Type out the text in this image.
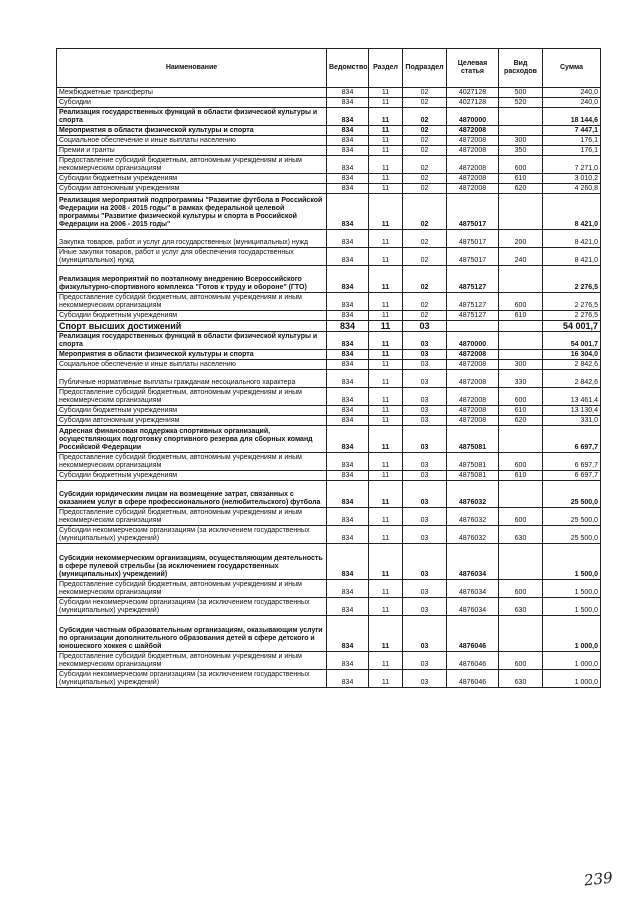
Наименование	Ведомство	Раздел	Подраздел	Целевая статья	Вид расходов	Сумма
Межбюджетные трансферты	834	11	02	4027128	500	240,0
Субсидии	834	11	02	4027128	520	240,0
Реализация государственных функций в области физической культуры и спорта	834	11	02	4870000		18 144,6
Мероприятия в области физической культуры и спорта	834	11	02	4872008		7 447,1
Социальное обеспечение и иные выплаты населению	834	11	02	4872008	300	176,1
Премии и гранты	834	11	02	4872008	350	176,1
Предоставление субсидий бюджетным, автономным учреждениям и иным некоммерческим организациям	834	11	02	4872008	600	7 271,0
Субсидии бюджетным учреждениям	834	11	02	4872008	610	3 010,2
Субсидии автономным учреждениям	834	11	02	4872008	620	4 260,8
Реализация мероприятий подпрограммы "Развитие футбола в Российской Федерации на 2008 - 2015 годы" в рамках федеральной целевой программы "Развитие физической культуры и спорта в Российской Федерации на 2006 - 2015 годы"	834	11	02	4875017		8 421,0
Закупка товаров, работ и услуг для государственных (муниципальных) нужд	834	11	02	4875017	200	8 421,0
Иные закупки товаров, работ и услуг для обеспечения государственных (муниципальных) нужд	834	11	02	4875017	240	8 421,0
Реализация мероприятий по поэтапному внедрению Всероссийского физкультурно-спортивного комплекса "Готов к труду и обороне" (ГТО)	834	11	02	4875127		2 276,5
Предоставление субсидий бюджетным, автономным учреждениям и иным некоммерческим организациям	834	11	02	4875127	600	2 276,5
Субсидии бюджетным учреждениям	834	11	02	4875127	610	2 276,5
Спорт высших достижений	834	11	03			54 001,7
Реализация государственных функций в области физической культуры и спорта	834	11	03	4870000		54 001,7
Мероприятия в области физической культуры и спорта	834	11	03	4872008		16 304,0
Социальное обеспечение и иные выплаты населению	834	11	03	4872008	300	2 842,6
Публичные нормативные выплаты гражданам несоциального характера	834	11	03	4872008	330	2 842,6
Предоставление субсидий бюджетным, автономным учреждениям и иным некоммерческим организациям	834	11	03	4872008	600	13 461,4
Субсидии бюджетным учреждениям	834	11	03	4872008	610	13 130,4
Субсидии автономным учреждениям	834	11	03	4872008	620	331,0
Адресная финансовая поддержка спортивных организаций, осуществляющих подготовку спортивного резерва для сборных команд Российской Федерации	834	11	03	4875081		6 697,7
Предоставление субсидий бюджетным, автономным учреждениям и иным некоммерческим организациям	834	11	03	4875081	600	6 697,7
Субсидии бюджетным учреждениям	834	11	03	4875081	610	6 697,7
Субсидии юридическим лицам на возмещение затрат, связанных с оказанием услуг в сфере профессионального (нелюбительского) футбола	834	11	03	4876032		25 500,0
Предоставление субсидий бюджетным, автономным учреждениям и иным некоммерческим организациям	834	11	03	4876032	600	25 500,0
Субсидии некоммерческим организациям (за исключением государственных (муниципальных) учреждений)	834	11	03	4876032	630	25 500,0
Субсидии некоммерческим организациям, осуществляющим деятельность в сфере пулевой стрельбы (за исключением государственных (муниципальных) учреждений)	834	11	03	4876034		1 500,0
Предоставление субсидий бюджетным, автономным учреждениям и иным некоммерческим организациям	834	11	03	4876034	600	1 500,0
Субсидии некоммерческим организациям (за исключением государственных (муниципальных) учреждений)	834	11	03	4876034	630	1 500,0
Субсидии частным образовательным организациям, оказывающим услуги по организации дополнительного образования детей в сфере детского и юношеского хоккея с шайбой	834	11	03	4876046		1 000,0
Предоставление субсидий бюджетным, автономным учреждениям и иным некоммерческим организациям	834	11	03	4876046	600	1 000,0
Субсидии некоммерческим организациям (за исключением государственных (муниципальных) учреждений)	834	11	03	4876046	630	1 000,0
239
